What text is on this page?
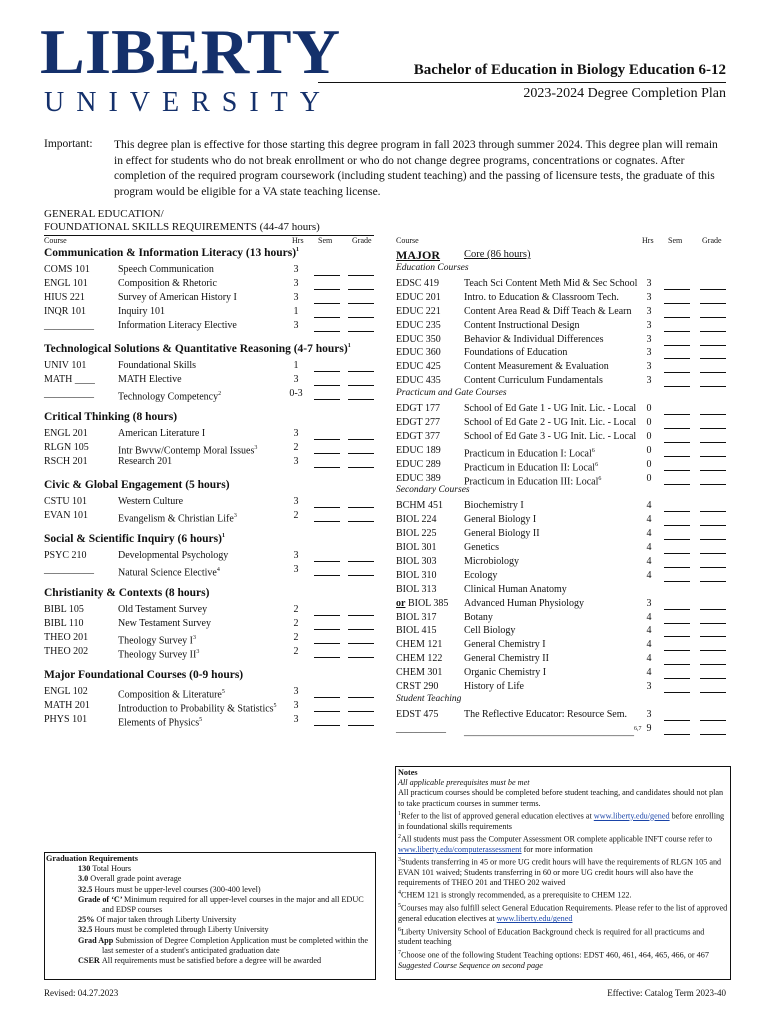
LIBERTY
UNIVERSITY
Bachelor of Education in Biology Education 6-12
2023-2024 Degree Completion Plan
Important: This degree plan is effective for those starting this degree program in fall 2023 through summer 2024. This degree plan will remain in effect for students who do not break enrollment or who do not change degree programs, concentrations or cognates. After completion of the required program coursework (including student teaching) and the passing of licensure tests, the graduate of this program would be eligible for a VA state teaching license.
GENERAL EDUCATION/
FOUNDATIONAL SKILLS REQUIREMENTS (44-47 hours)
Course	Hrs Sem Grade	Course	Hrs Sem Grade
MAJOR Core (86 hours)
Notes
All applicable prerequisites must be met
All practicum courses should be completed before student teaching, and candidates should not plan to take practicum courses in summer terms.
$^1$Refer to the list of approved general education electives at www.liberty.edu/gened before enrolling in foundational skills requirements
$^2$All students must pass the Computer Assessment OR complete applicable INFT course refer to www.liberty.edu/computerassessment for more information
$^3$Students transferring in 45 or more UG credit hours will have the requirements of RLGN 105 and EVAN 101 waived; Students transferring in 60 or more UG credit hours will also have the requirements of THEO 201 and THEO 202 waived
$^4$CHEM 121 is strongly recommended, as a prerequisite to CHEM 122.
$^5$Courses may also fulfill select General Education Requirements. Please refer to the list of approved general education electives at www.liberty.edu/gened
$^6$Liberty University School of Education Background check is required for all practicums and student teaching
$^7$Choose one of the following Student Teaching options: EDST 460, 461, 464, 465, 466, or 467
Suggested Course Sequence on second page
Graduation Requirements
130 Total Hours
3.0 Overall grade point average
32.5 Hours must be upper-level courses (300-400 level)
Grade of ‘C’ Minimum required for all upper-level courses in the major and all EDUC and EDSP courses
25% Of major taken through Liberty University
32.5 Hours must be completed through Liberty University
Grad App Submission of Degree Completion Application must be completed within the last semester of a student's anticipated graduation date
CSER All requirements must be satisfied before a degree will be awarded
Revised: 04.27.2023	Effective: Catalog Term 2023-40
Communication & Information Literacy (13 hours)$^1$
COMS 101	Speech Communication	3
ENGL 101	Composition & Rhetoric	3
HIUS 221	Survey of American History I	3
INQR 101	Inquiry 101	1
__________ Information Literacy Elective	3
Technological Solutions & Quantitative Reasoning (4-7 hours)$^1$
UNIV 101	Foundational Skills	1
MATH ____ MATH Elective	3
__________ Technology Competency$^2$	0-3
Critical Thinking (8 hours)
ENGL 201	American Literature I	3
RLGN 105	Intr Bwvw/Contemp Moral Issues$^3$	2
RSCH 201	Research 201	3
Civic & Global Engagement (5 hours)
CSTU 101	Western Culture	3
EVAN 101	Evangelism & Christian Life$^3$	2
Social & Scientific Inquiry (6 hours)$^1$
PSYC 210	Developmental Psychology	3
__________ Natural Science Elective$^4$	3
Christianity & Contexts (8 hours)
BIBL 105	Old Testament Survey	2
BIBL 110	New Testament Survey	2
THEO 201	Theology Survey $I^3$	2
THEO 202	Theology Survey $II^3$	2
Major Foundational Courses (0-9 hours)
ENGL 102	Composition & Literature$^5$	3
MATH 201	Introduction to Probability & Statistics$^5$	3
PHYS 101	Elements of Physics$^5$	3
Education Courses
EDSC 419 Teach Sci Content Meth Mid & Sec School 3
EDUC 201 Intro. to Education & Classroom Tech.	3
EDUC 221 Content Area Read & Diff Teach & Learn	3
EDUC 235 Content Instructional Design	3
EDUC 350 Behavior & Individual Differences	3
EDUC 360 Foundations of Education	3
EDUC 425 Content Measurement & Evaluation	3
EDUC 435 Content Curriculum Fundamentals	3
Practicum and Gate Courses
EDGT 177 School of Ed Gate 1 - UG Init. Lic. - Local	0
EDGT 277 School of Ed Gate 2 - UG Init. Lic. - Local	0
EDGT 377 School of Ed Gate 3 - UG Init. Lic. - Local	0
EDUC 189 Practicum in Education I: Local$^6$	0
EDUC 289 Practicum in Education II: Local$^6$	0
EDUC 389 Practicum in Education III: Local$^6$	0
Secondary Courses
BCHM 451 Biochemistry I	4
BIOL 224	General Biology I	4
BIOL 225	General Biology II	4
BIOL 301	Genetics	4
BIOL 303	Microbiology	4
BIOL 310	Ecology	4
BIOL 313	Clinical Human Anatomy
or BIOL 385 Advanced Human Physiology	3
BIOL 317	Botany	4
BIOL 415	Cell Biology	4
CHEM 121 General Chemistry I	4
CHEM 122 General Chemistry II	4
CHEM 301 Organic Chemistry I	4
CRST 290	History of Life	3
Student Teaching
EDST 475	The Reflective Educator: Resource Sem.	3
__________ __________________________________$^{6,7}$ 9
